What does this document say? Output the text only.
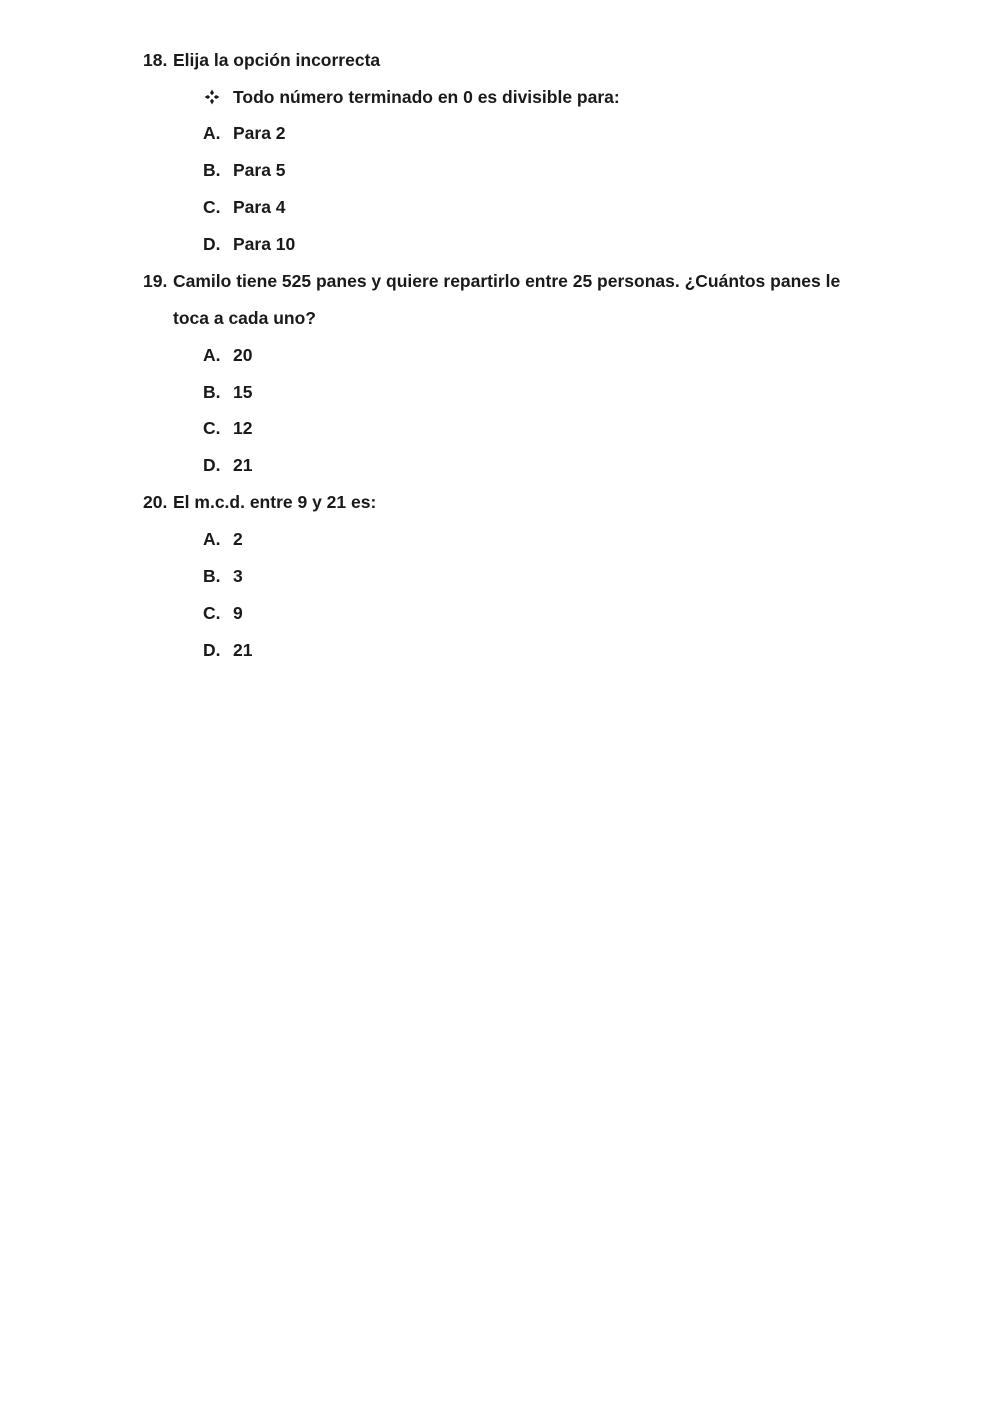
18. Elija la opción incorrecta
Todo número terminado en 0 es divisible para:
A. Para 2
B. Para 5
C. Para 4
D. Para 10
19. Camilo tiene 525 panes y quiere repartirlo entre 25 personas. ¿Cuántos panes le
toca a cada uno?
A. 20
B. 15
C. 12
D. 21
20. El m.c.d. entre 9 y 21 es:
A. 2
B. 3
C. 9
D. 21
